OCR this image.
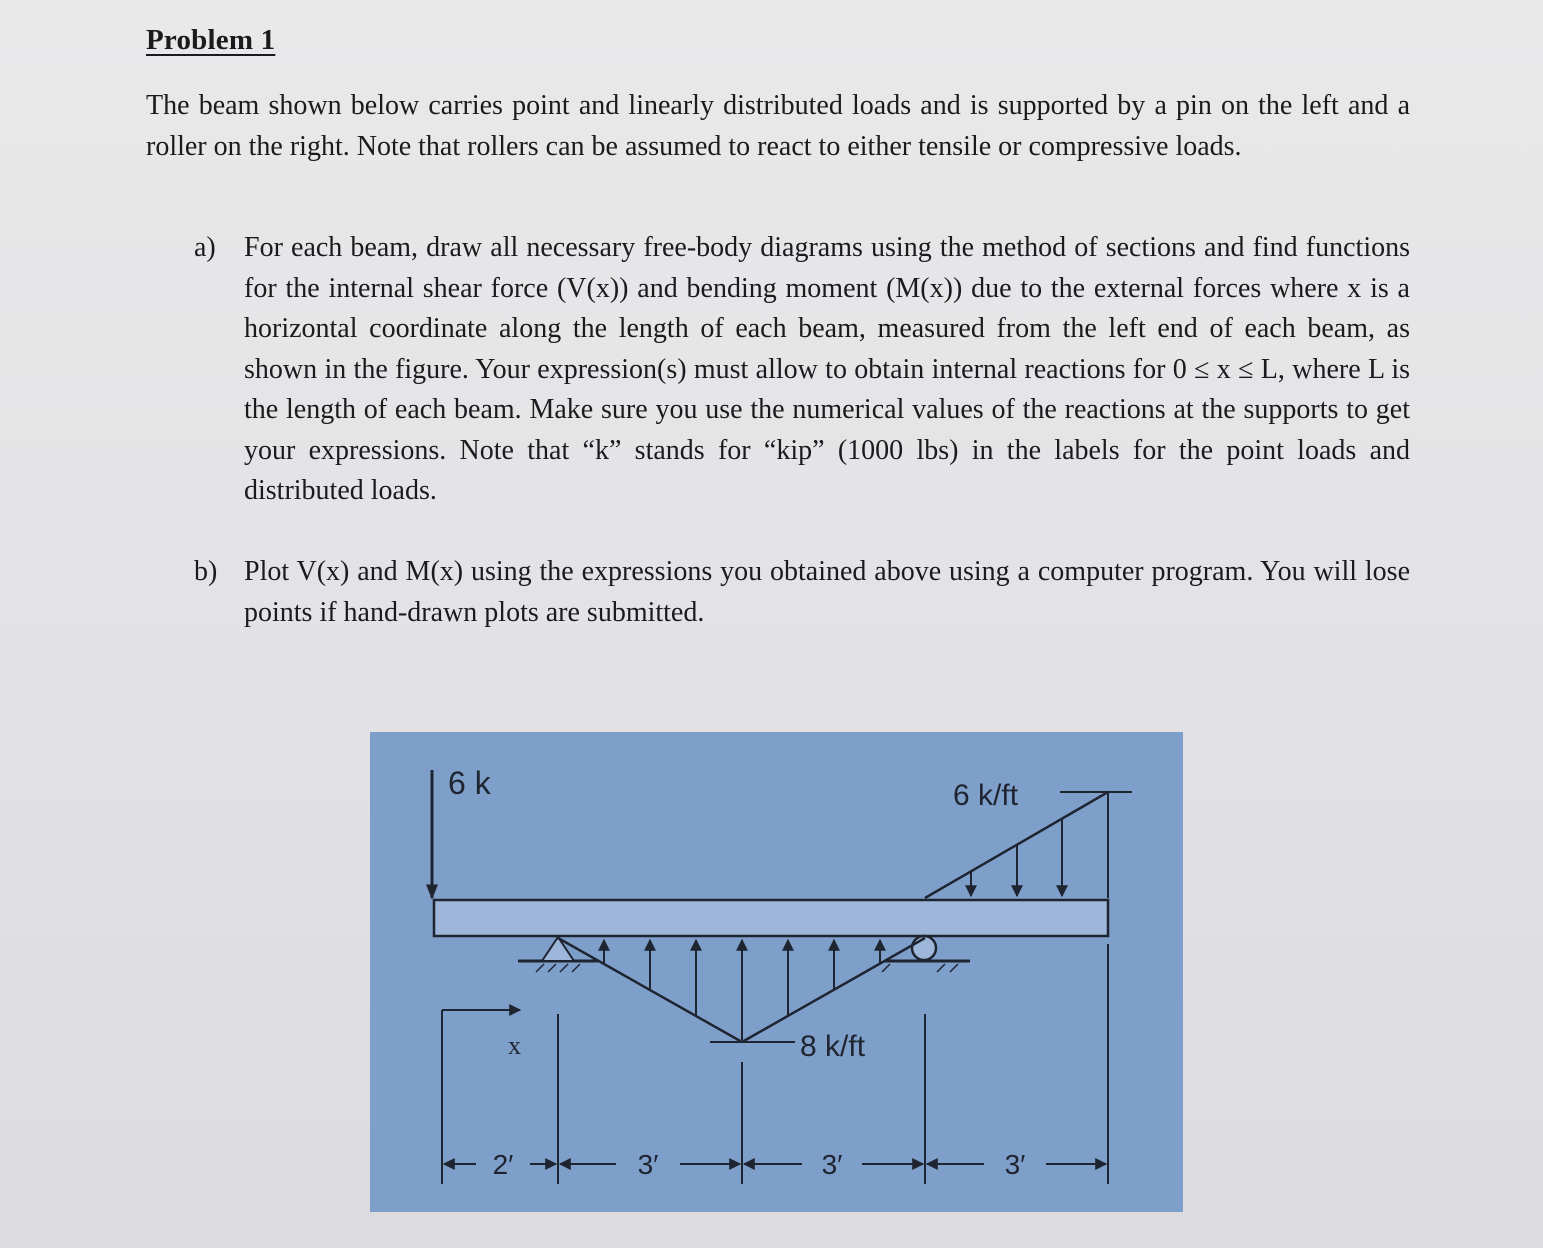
Problem 1

The beam shown below carries point and linearly distributed loads and is supported by a pin on the left and a roller on the right. Note that rollers can be assumed to react to either tensile or compressive loads.

a)	For each beam, draw all necessary free-body diagrams using the method of sections and find functions for the internal shear force (V(x)) and bending moment (M(x)) due to the external forces where x is a horizontal coordinate along the length of each beam, measured from the left end of each beam, as shown in the figure. Your expression(s) must allow to obtain internal reactions for 0 ≤ x ≤ L, where L is the length of each beam. Make sure you use the numerical values of the reactions at the supports to get your expressions. Note that “k” stands for “kip” (1000 lbs) in the labels for the point loads and distributed loads.

b) Plot V(x) and M(x) using the expressions you obtained above using a computer program. You will lose points if hand-drawn plots are submitted.

6 k	6 k/ft
8 k/ft
x
2′	3′	3′	3′
